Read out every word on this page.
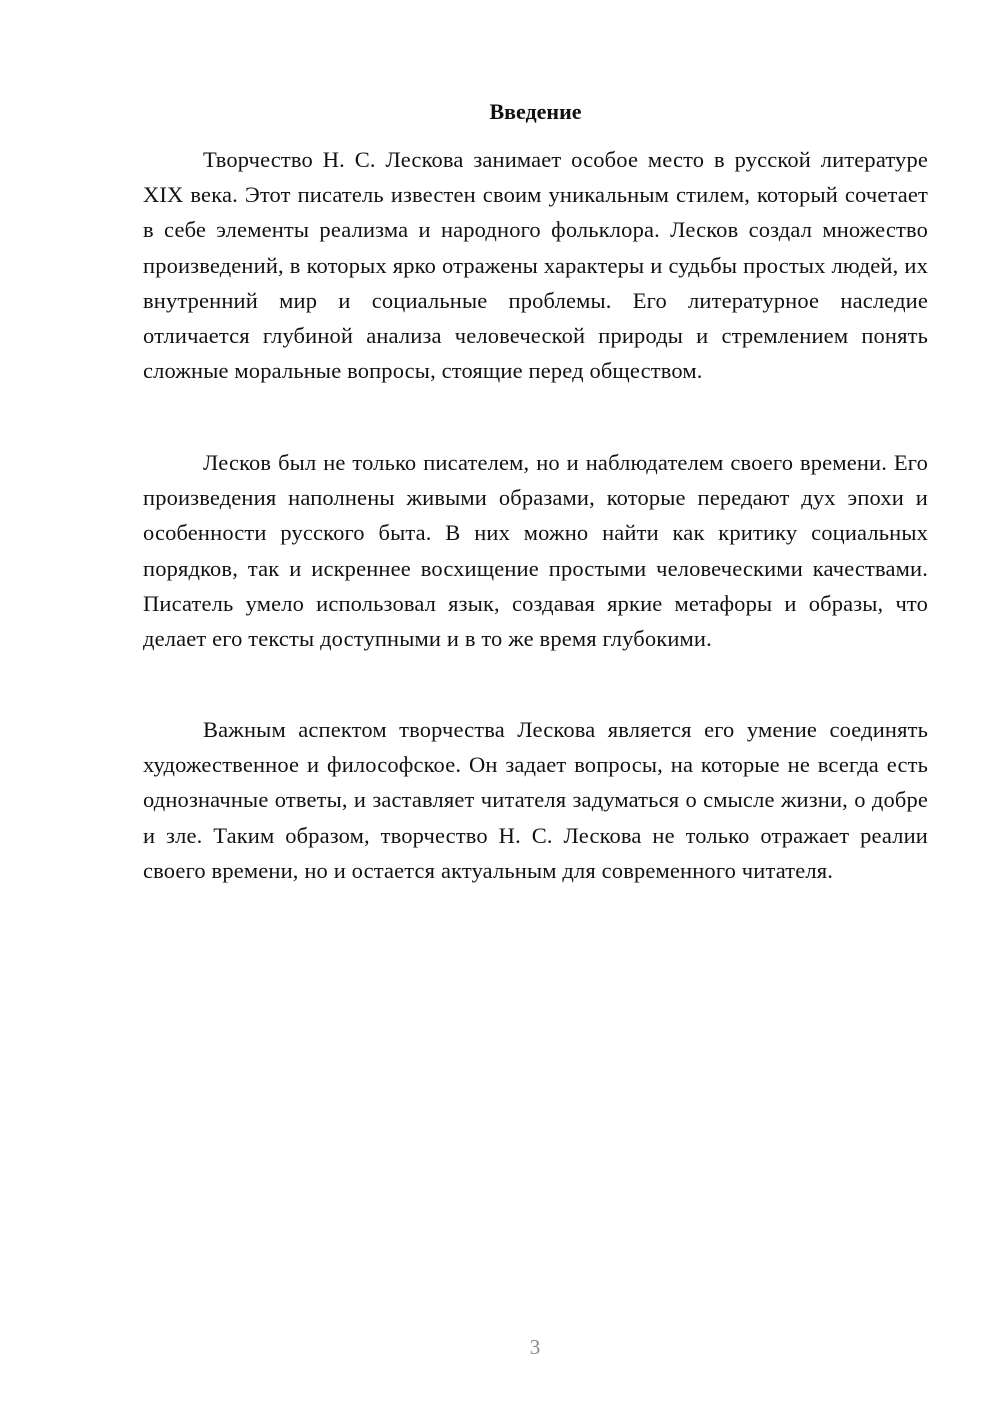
Введение

Творчество Н. С. Лескова занимает особое место в русской литературе XIX века. Этот писатель известен своим уникальным стилем, который сочетает в себе элементы реализма и народного фольклора. Лесков создал множество произведений, в которых ярко отражены характеры и судьбы простых людей, их внутренний мир и социальные проблемы. Его литературное наследие отличается глубиной анализа человеческой природы и стремлением понять сложные моральные вопросы, стоящие перед обществом.

Лесков был не только писателем, но и наблюдателем своего времени. Его произведения наполнены живыми образами, которые передают дух эпохи и особенности русского быта. В них можно найти как критику социальных порядков, так и искреннее восхищение простыми человеческими качествами. Писатель умело использовал язык, создавая яркие метафоры и образы, что делает его тексты доступными и в то же время глубокими.

Важным аспектом творчества Лескова является его умение соединять художественное и философское. Он задает вопросы, на которые не всегда есть однозначные ответы, и заставляет читателя задуматься о смысле жизни, о добре и зле. Таким образом, творчество Н. С. Лескова не только отражает реалии своего времени, но и остается актуальным для современного читателя.

3
